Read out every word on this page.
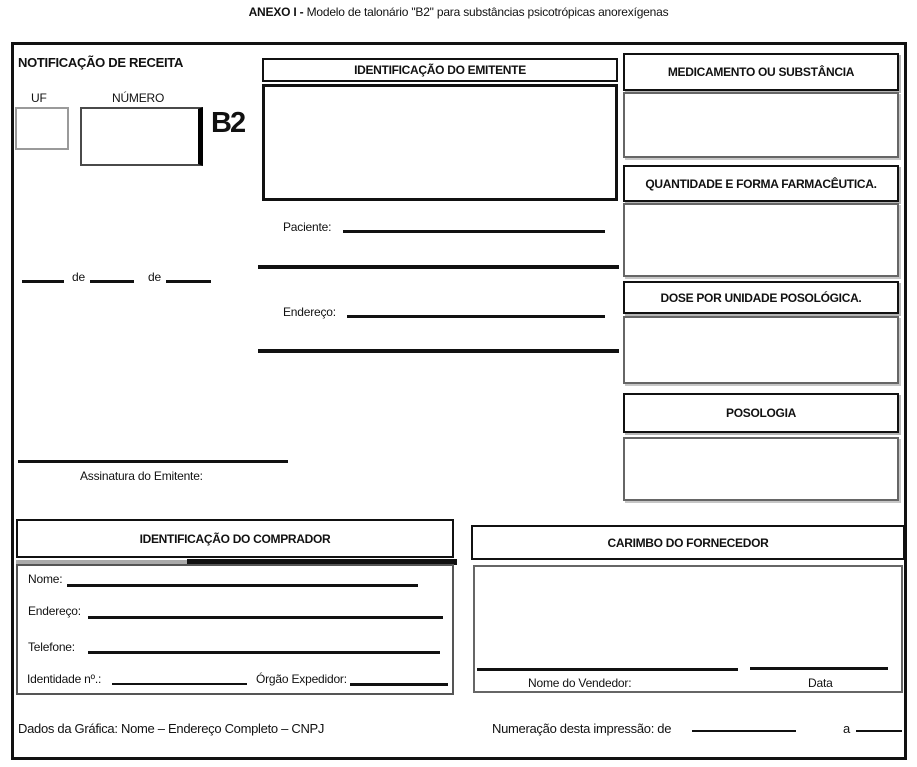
ANEXO I - Modelo de talonário "B2" para substâncias psicotrópicas anorexígenas
NOTIFICAÇÃO DE RECEITA
UF	NÚMERO
B2
de	de
Assinatura do Emitente:
IDENTIFICAÇÃO DO EMITENTE
Paciente:
Endereço:
MEDICAMENTO OU SUBSTÂNCIA
QUANTIDADE E FORMA FARMACÊUTICA.
DOSE POR UNIDADE POSOLÓGICA.
POSOLOGIA
IDENTIFICAÇÃO DO COMPRADOR
Nome:
Endereço:
Telefone:
Identidade nº.:	Órgão Expedidor:
CARIMBO DO FORNECEDOR
Nome do Vendedor:	Data
Dados da Gráfica: Nome – Endereço Completo – CNPJ	Numeração desta impressão: de	a
